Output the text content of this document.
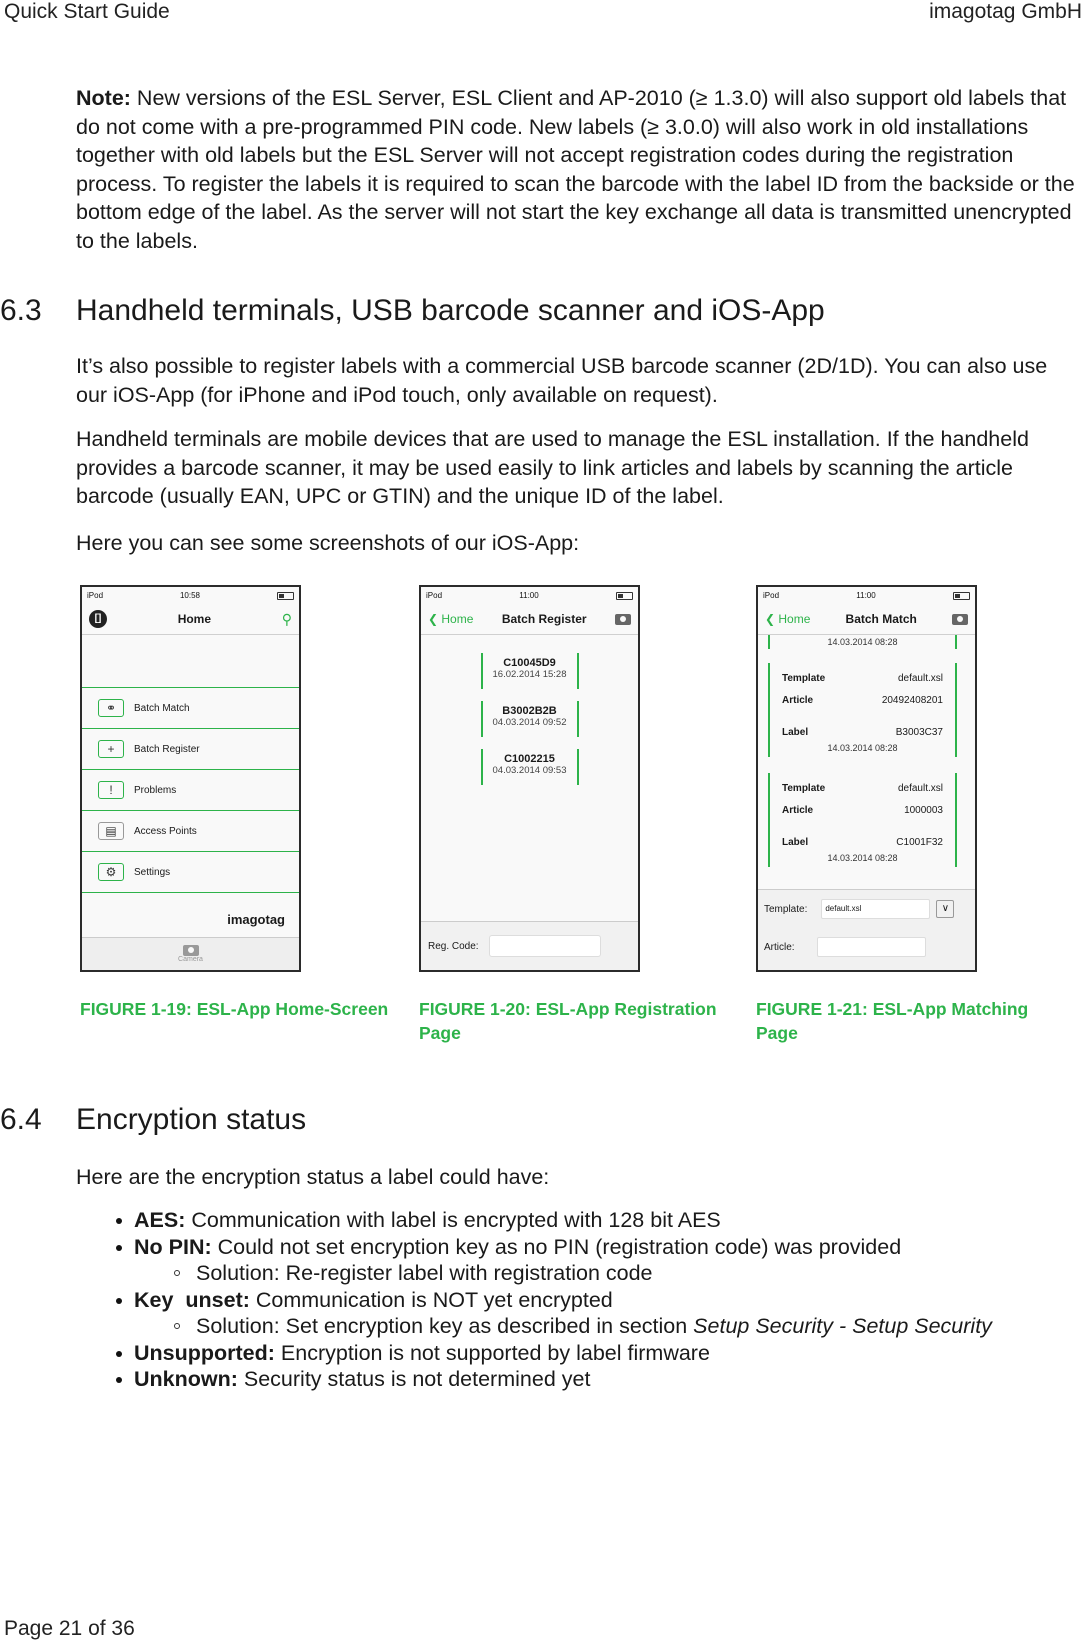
Quick Start Guide	imagotag GmbH

Note: New versions of the ESL Server, ESL Client and AP-2010 (≥ 1.3.0) will also support old labels that do not come with a pre-programmed PIN code. New labels (≥ 3.0.0) will also work in old installations together with old labels but the ESL Server will not accept registration codes during the registration process. To register the labels it is required to scan the barcode with the label ID from the backside or the bottom edge of the label. As the server will not start the key exchange all data is transmitted unencrypted to the labels.

6.3 Handheld terminals, USB barcode scanner and iOS-App

It’s also possible to register labels with a commercial USB barcode scanner (2D/1D). You can also use our iOS-App (for iPhone and iPod touch, only available on request).

Handheld terminals are mobile devices that are used to manage the ESL installation. If the handheld provides a barcode scanner, it may be used easily to link articles and labels by scanning the article barcode (usually EAN, UPC or GTIN) and the unique ID of the label.

Here you can see some screenshots of our iOS-App:

iPod	10:58
[]	Home	⚲
⚭	Batch Match
+	Batch Register
!	Problems
▤	Access Points
⚙	Settings
imagotag
Camera
iPod	11:00
❮ Home Batch Register
C10045D9
16.02.2014 15:28
B3002B2B
04.03.2014 09:52
C1002215
04.03.2014 09:53
Reg. Code:
iPod	11:00
❮ Home	Batch Match
14.03.2014 08:28
Template	default.xsl
Article	20492408201
Label	B3003C37
14.03.2014 08:28
Template	default.xsl
Article	1000003
Label	C1001F32
14.03.2014 08:28
Template:	default.xsl	∨
Article:

FIGURE 1-19: ESL-App Home-Screen FIGURE 1-20: ESL-App Registration Page

FIGURE 1-21: ESL-App Matching Page

6.4 Encryption status

Here are the encryption status a label could have:

AES: Communication with label is encrypted with 128 bit AES
No PIN: Could not set encryption key as no PIN (registration code) was provided
Solution: Re-register label with registration code
Key  unset: Communication is NOT yet encrypted
Solution: Set encryption key as described in section Setup Security - Setup Security
Unsupported: Encryption is not supported by label firmware
Unknown: Security status is not determined yet
Page 21 of 36
